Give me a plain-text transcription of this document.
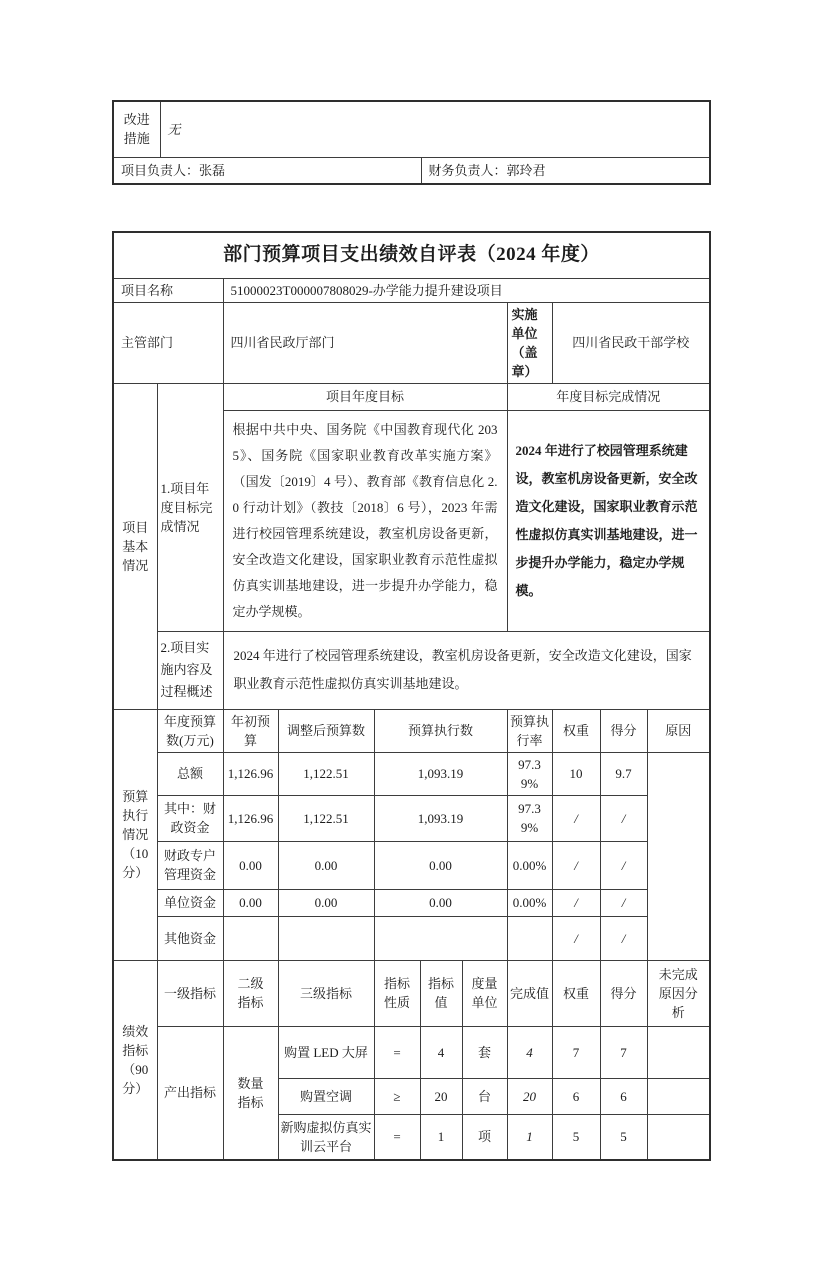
改进措施	无	
项目负责人：张磊		财务负责人：郭玲君
部门预算项目支出绩效自评表（2024 年度）										
项目名称		51000023T000007808029-办学能力提升建设项目								
主管部门		四川省民政厅部门					实施单位（盖章）	四川省民政干部学校		
项目基本情况	1.项目年度目标完成情况	项目年度目标					年度目标完成情况			
		根据中共中央、国务院《中国教育现代化 2035》、国务院《国家职业教育改革实施方案》（国发〔2019〕4 号）、教育部《教育信息化 2.0 行动计划》（教技〔2018〕6 号），2023 年需进行校园管理系统建设，教室机房设备更新，安全改造文化建设，国家职业教育示范性虚拟仿真实训基地建设，进一步提升办学能力，稳定办学规模。					2024 年进行了校园管理系统建设，教室机房设备更新，安全改造文化建设，国家职业教育示范性虚拟仿真实训基地建设，进一步提升办学能力，稳定办学规模。			
	2.项目实施内容及过程概述	2024 年进行了校园管理系统建设，教室机房设备更新，安全改造文化建设，国家职业教育示范性虚拟仿真实训基地建设。								
预算执行情况（10分）	年度预算数(万元)	年初预算	调整后预算数	预算执行数			预算执行率	权重	得分	原因
	总额	1,126.96	1,122.51	1,093.19			97.39%	10	9.7	
	其中：财政资金	1,126.96	1,122.51	1,093.19			97.39%	/	/	
	财政专户管理资金	0.00	0.00	0.00			0.00%	/	/	
	单位资金	0.00	0.00	0.00			0.00%	/	/	
	其他资金							/	/	
绩效指标（90分）	一级指标	二级指标	三级指标	指标性质	指标值	度量单位	完成值	权重	得分	未完成原因分析
	产出指标	数量指标	购置 LED 大屏	=	4	套	4	7	7	
			购置空调	≥	20	台	20	6	6	
			新购虚拟仿真实训云平台	=	1	项	1	5	5	
